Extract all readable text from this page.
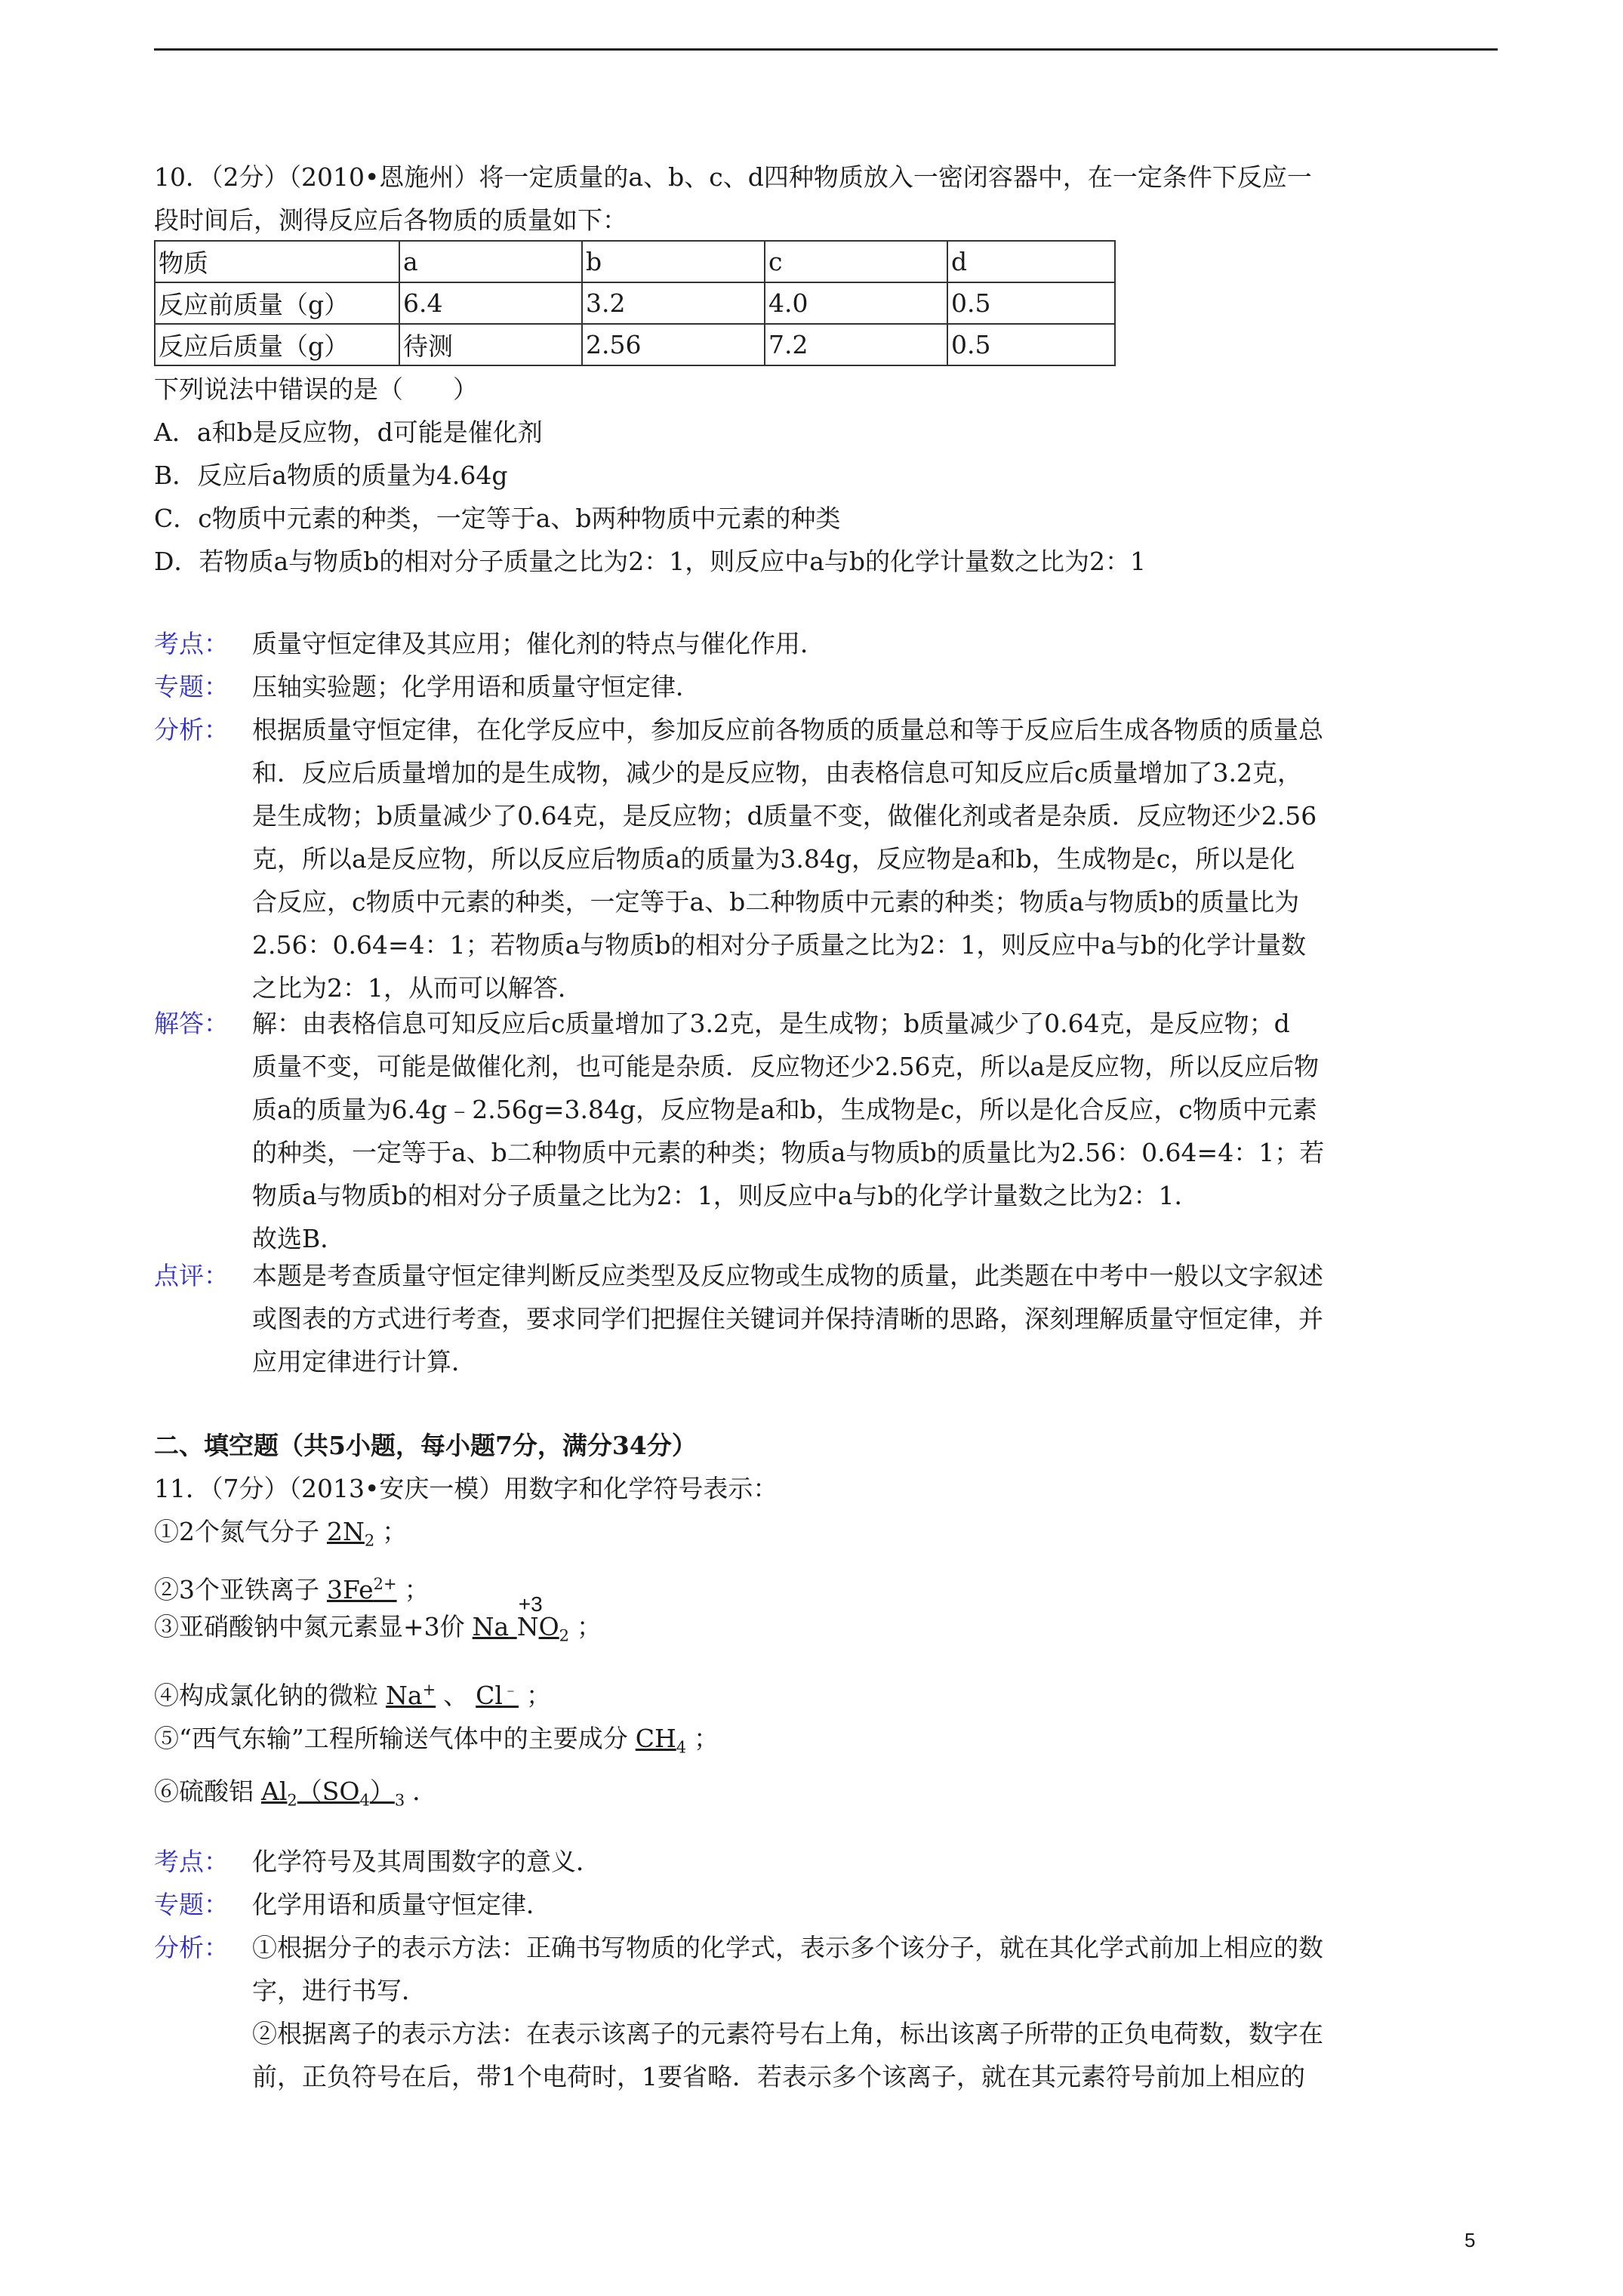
10．（2分）（2010•恩施州）将一定质量的a、b、c、d四种物质放入一密闭容器中，在一定条件下反应一
段时间后，测得反应后各物质的质量如下：
物质	a	b	c	d
反应前质量（g）	6.4	3.2	4.0	0.5
反应后质量（g）	待测	2.56	7.2	0.5
下列说法中错误的是（　　）
A．a和b是反应物，d可能是催化剂
B．反应后a物质的质量为4.64g
C．c物质中元素的种类，一定等于a、b两种物质中元素的种类
D．若物质a与物质b的相对分子质量之比为2：1，则反应中a与b的化学计量数之比为2：1
考点： 质量守恒定律及其应用；催化剂的特点与催化作用．
专题： 压轴实验题；化学用语和质量守恒定律．
分析： 根据质量守恒定律，在化学反应中，参加反应前各物质的质量总和等于反应后生成各物质的质量总
和．反应后质量增加的是生成物，减少的是反应物，由表格信息可知反应后c质量增加了3.2克，
是生成物；b质量减少了0.64克，是反应物；d质量不变，做催化剂或者是杂质．反应物还少2.56
克，所以a是反应物，所以反应后物质a的质量为3.84g，反应物是a和b，生成物是c，所以是化
合反应，c物质中元素的种类，一定等于a、b二种物质中元素的种类；物质a与物质b的质量比为
2.56：0.64=4：1；若物质a与物质b的相对分子质量之比为2：1，则反应中a与b的化学计量数
之比为2：1，从而可以解答．
解答： 解：由表格信息可知反应后c质量增加了3.2克，是生成物；b质量减少了0.64克，是反应物；d
质量不变，可能是做催化剂，也可能是杂质．反应物还少2.56克，所以a是反应物，所以反应后物
质a的质量为6.4g﹣2.56g=3.84g，反应物是a和b，生成物是c，所以是化合反应，c物质中元素
的种类，一定等于a、b二种物质中元素的种类；物质a与物质b的质量比为2.56：0.64=4：1；若
物质a与物质b的相对分子质量之比为2：1，则反应中a与b的化学计量数之比为2：1．
故选B．
点评： 本题是考查质量守恒定律判断反应类型及反应物或生成物的质量，此类题在中考中一般以文字叙述
或图表的方式进行考查，要求同学们把握住关键词并保持清晰的思路，深刻理解质量守恒定律，并
应用定律进行计算．
二、填空题（共5小题，每小题7分，满分34分）
11．（7分）（2013•安庆一模）用数字和化学符号表示：
①2个氮气分子 $2N_2$ ；
②3个亚铁离子 $3Fe^{2+}$ ；
③亚硝酸钠中氮元素显+3价 Na
+3
$NO_2$ ；
④构成氯化钠的微粒 Na+ 、 Cl﹣ ；
⑤“西气东输”工程所输送气体中的主要成分 $CH_4$ ；
⑥硫酸铝 $Al_2(SO_4)_3$ ．
考点： 化学符号及其周围数字的意义．
专题： 化学用语和质量守恒定律．
分析： ①根据分子的表示方法：正确书写物质的化学式，表示多个该分子，就在其化学式前加上相应的数
字，进行书写．
②根据离子的表示方法：在表示该离子的元素符号右上角，标出该离子所带的正负电荷数，数字在
前，正负符号在后，带1个电荷时，1要省略．若表示多个该离子，就在其元素符号前加上相应的
5
